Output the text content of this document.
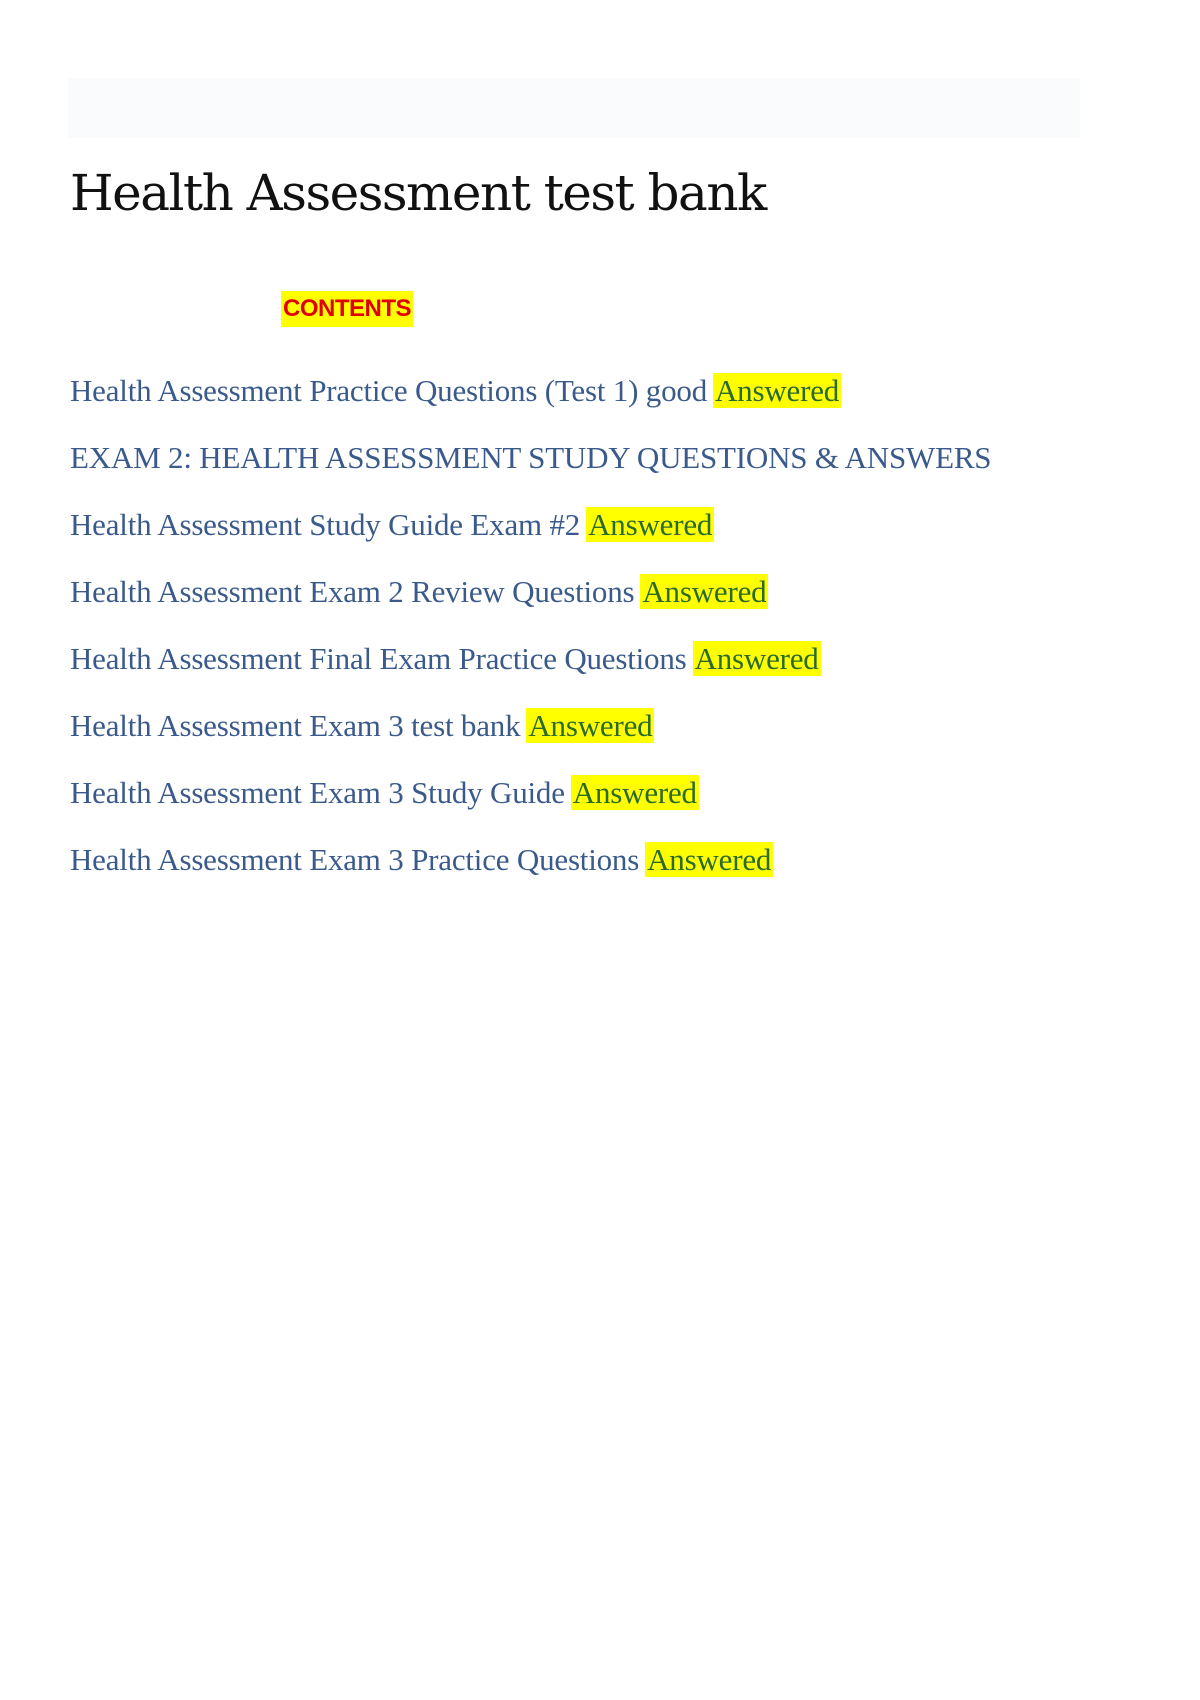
Health Assessment test bank
CONTENTS
Health Assessment Practice Questions (Test 1) good Answered
EXAM 2: HEALTH ASSESSMENT STUDY QUESTIONS & ANSWERS
Health Assessment Study Guide Exam #2 Answered
Health Assessment Exam 2 Review Questions Answered
Health Assessment Final Exam Practice Questions Answered
Health Assessment Exam 3 test bank Answered
Health Assessment Exam 3 Study Guide Answered
Health Assessment Exam 3 Practice Questions Answered
